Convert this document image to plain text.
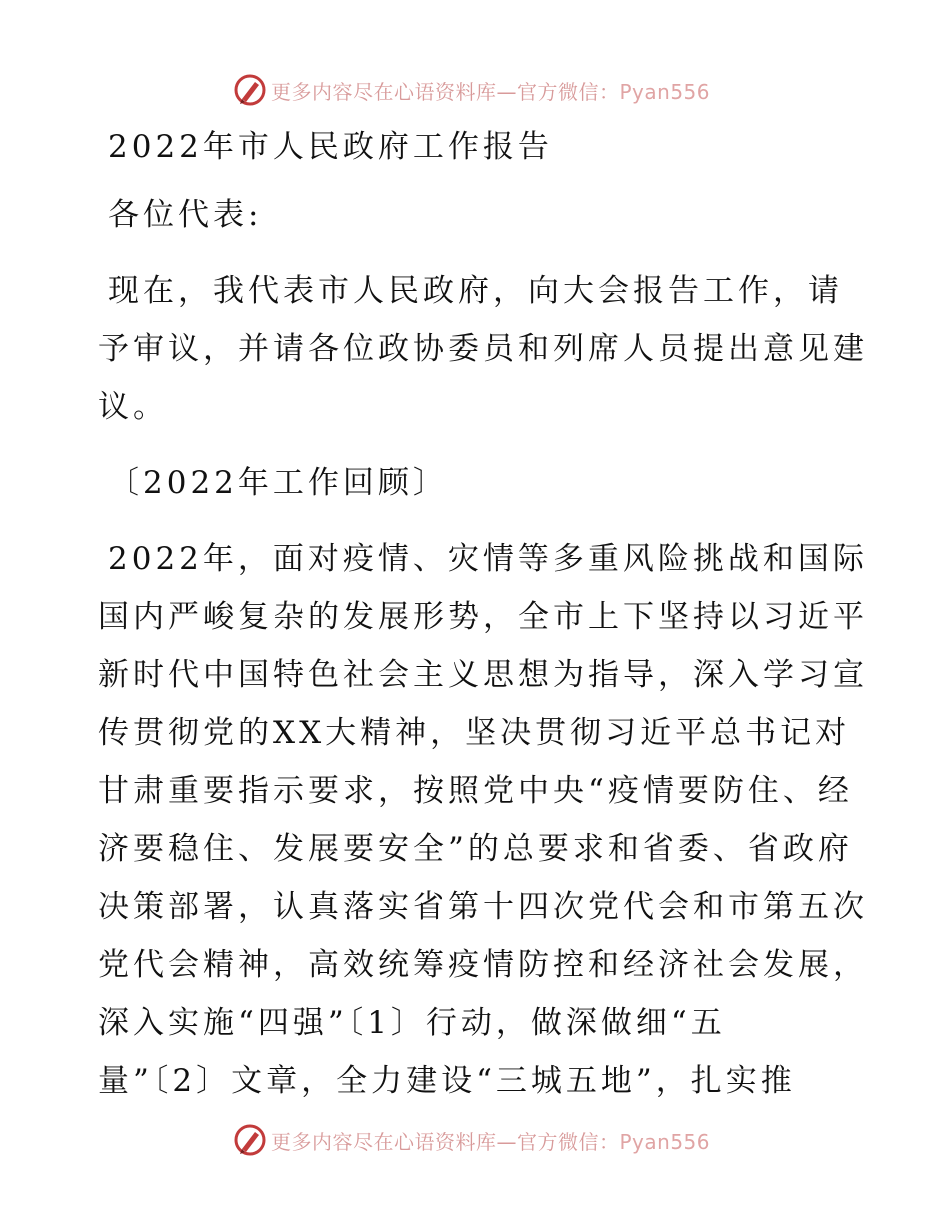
更多内容尽在心语资料库—官方微信：Pyan556
2022年市人民政府工作报告
各位代表:
现在，我代表市人民政府，向大会报告工作，请
予审议，并请各位政协委员和列席人员提出意见建
议。
〔2022年工作回顾〕
2022年，面对疫情、灾情等多重风险挑战和国际
国内严峻复杂的发展形势，全市上下坚持以习近平
新时代中国特色社会主义思想为指导，深入学习宣
传贯彻党的XX大精神，坚决贯彻习近平总书记对
甘肃重要指示要求，按照党中央“疫情要防住、经
济要稳住、发展要安全”的总要求和省委、省政府
决策部署，认真落实省第十四次党代会和市第五次
党代会精神，高效统筹疫情防控和经济社会发展，
深入实施“四强”〔1〕行动，做深做细“五
量”〔2〕文章，全力建设“三城五地”，扎实推
更多内容尽在心语资料库—官方微信：Pyan556
